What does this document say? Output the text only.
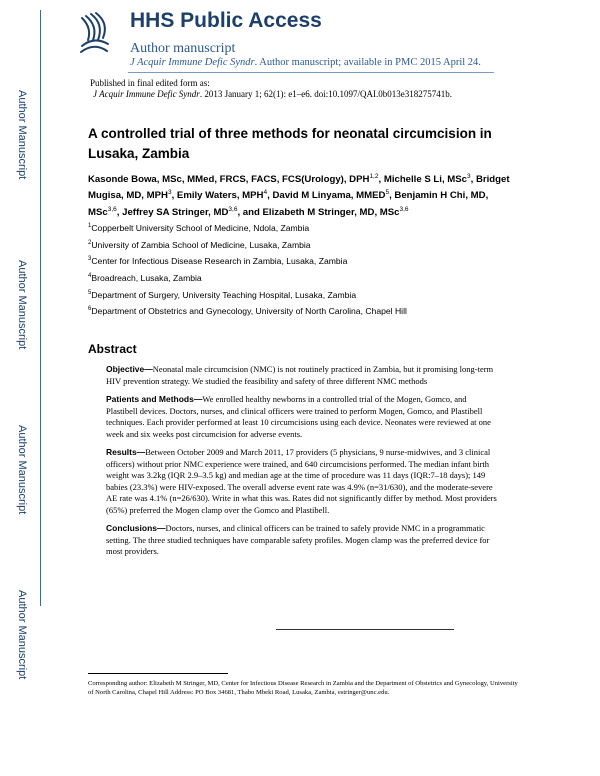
Author Manuscript
Author Manuscript
Author Manuscript
Author Manuscript
HHS Public Access
Author manuscript
J Acquir Immune Defic Syndr. Author manuscript; available in PMC 2015 April 24.
Published in final edited form as:
J Acquir Immune Defic Syndr. 2013 January 1; 62(1): e1–e6. doi:10.1097/QAI.0b013e318275741b.
A controlled trial of three methods for neonatal circumcision in Lusaka, Zambia
Kasonde Bowa, MSc, MMed, FRCS, FACS, FCS(Urology), DPH$^{1,2}$, Michelle S Li, MSc$^3$, Bridget Mugisa, MD, MPH$^3$, Emily Waters, MPH$^4$, David M Linyama, MMED$^5$, Benjamin H Chi, MD, MSc$^{3,6}$, Jeffrey SA Stringer, MD$^{3,6}$, and Elizabeth M Stringer, MD, MSc$^{3,6}$
$^1$Copperbelt University School of Medicine, Ndola, Zambia
$^2$University of Zambia School of Medicine, Lusaka, Zambia
$^3$Center for Infectious Disease Research in Zambia, Lusaka, Zambia
$^4$Broadreach, Lusaka, Zambia
$^5$Department of Surgery, University Teaching Hospital, Lusaka, Zambia
$^6$Department of Obstetrics and Gynecology, University of North Carolina, Chapel Hill
Abstract

Objective—Neonatal male circumcision (NMC) is not routinely practiced in Zambia, but it promising long-term HIV prevention strategy. We studied the feasibility and safety of three different NMC methods

Patients and Methods—We enrolled healthy newborns in a controlled trial of the Mogen, Gomco, and Plastibell devices. Doctors, nurses, and clinical officers were trained to perform Mogen, Gomco, and Plastibell techniques. Each provider performed at least 10 circumcisions using each device. Neonates were reviewed at one week and six weeks post circumcision for adverse events.

Results—Between October 2009 and March 2011, 17 providers (5 physicians, 9 nurse-midwives, and 3 clinical officers) without prior NMC experience were trained, and 640 circumcisions performed. The median infant birth weight was 3.2kg (IQR 2.9–3.5 kg) and median age at the time of procedure was 11 days (IQR:7–18 days); 149 babies (23.3%) were HIV-exposed. The overall adverse event rate was 4.9% (n=31/630), and the moderate-severe AE rate was 4.1% (n=26/630). Write in what this was. Rates did not significantly differ by method. Most providers (65%) preferred the Mogen clamp over the Gomco and Plastibell.

Conclusions—Doctors, nurses, and clinical officers can be trained to safely provide NMC in a programmatic setting. The three studied techniques have comparable safety profiles. Mogen clamp was the preferred device for most providers.

Corresponding author: Elizabeth M Stringer, MD, Center for Infectious Disease Research in Zambia and the Department of Obstetrics and Gynecology, University of North Carolina, Chapel Hill Address: PO Box 34681, Thabo Mbeki Road, Lusaka, Zambia, estringer@unc.edu.
